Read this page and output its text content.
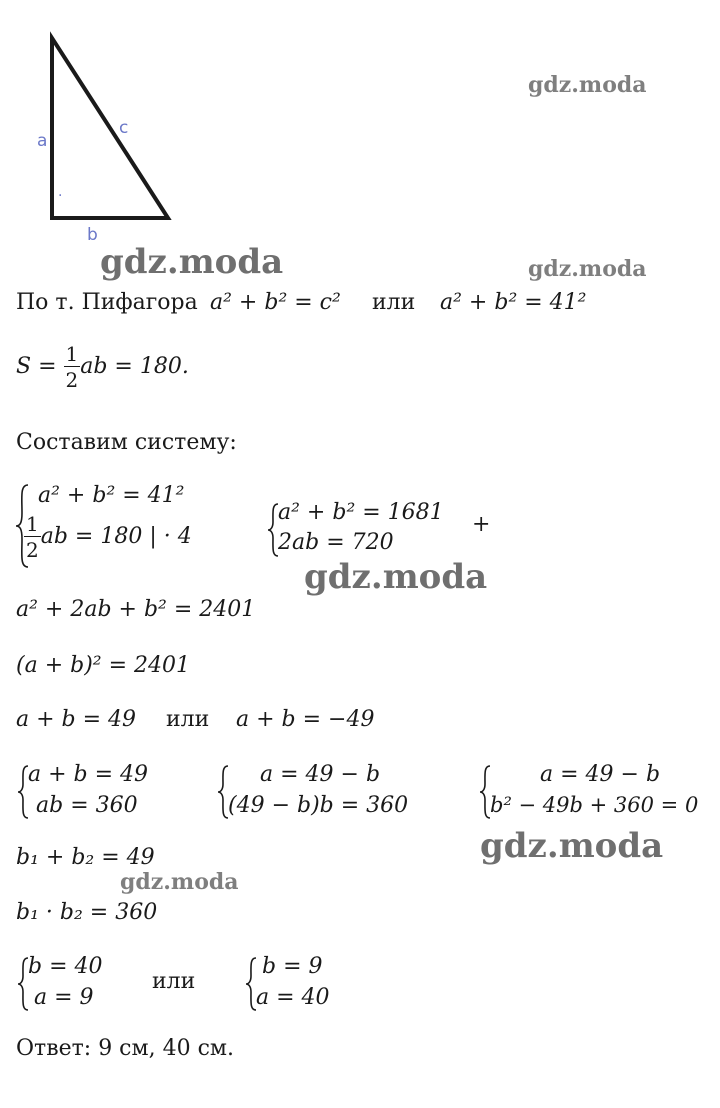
a
c
b
·
gdz.moda
gdz.moda	gdz.moda
gdz.moda
gdz.moda
gdz.moda
По т. Пифагора a² + b² = c² или a² + b² = 41²
$S = \frac{1}{2}$ ab = 180.
Составим систему:
a² + b² = 41²
$\frac{1}{2}$ ab = 180 | · 4
a² + b² = 1681
2ab = 720
+
a² + 2ab + b² = 2401
(a + b)² = 2401
a + b = 49 или a + b = −49
a + b = 49
ab = 360
a = 49 − b
(49 − b)b = 360
a = 49 − b
b² − 49b + 360 = 0
b₁ + b₂ = 49
b₁ · b₂ = 360
b = 40
a = 9
или
b = 9
a = 40
Ответ: 9 см, 40 см.
